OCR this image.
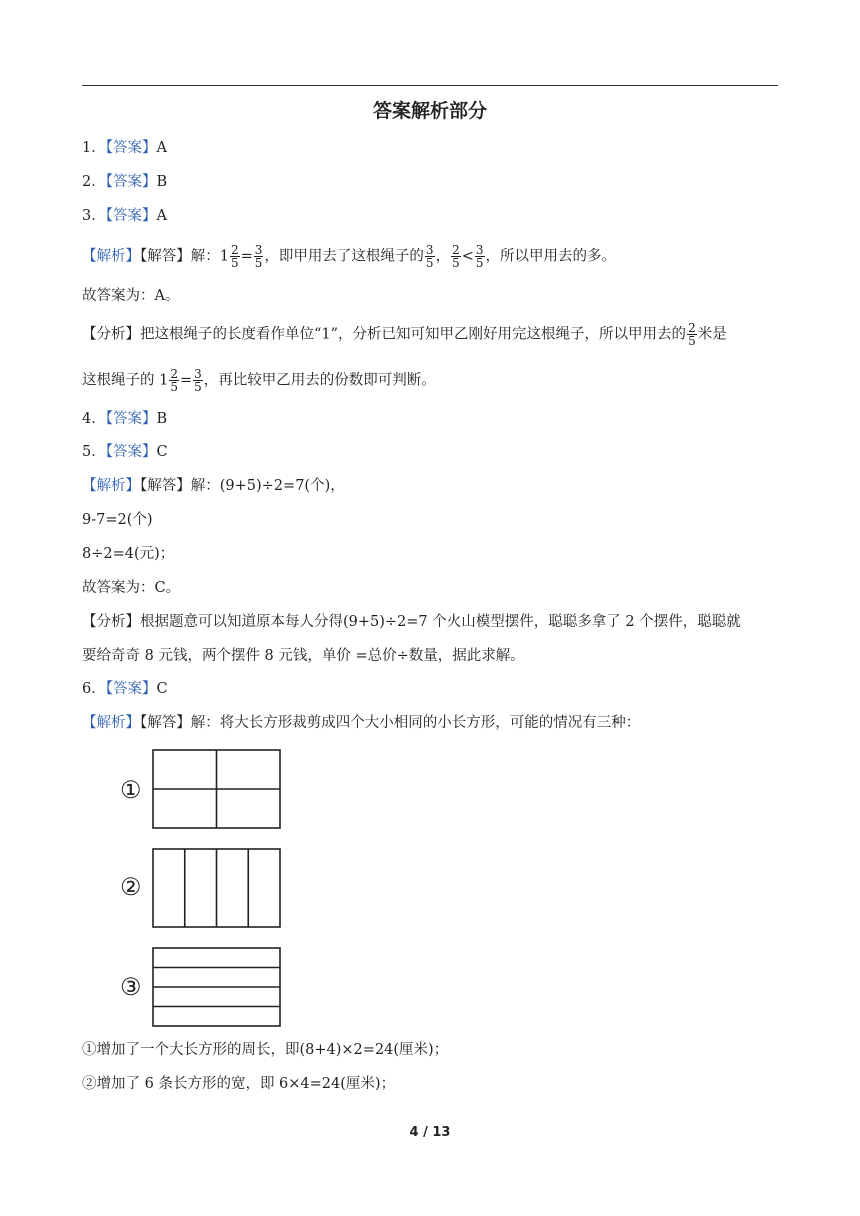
答案解析部分
1．【答案】A
2．【答案】B
3．【答案】A
【解析】【解答】解：$1 \frac{2}{5} = \frac{3}{5}$ ，即甲用去了这根绳子的 $\frac{3}{5}$ ， $\frac{2}{5} < \frac{3}{5}$ ，所以甲用去的多。
故答案为：A。
【分析】把这根绳子的长度看作单位“1”，分析已知可知甲乙刚好用完这根绳子，所以甲用去的 $\frac{2}{5}$ 米是
这根绳子的 $1 \frac{2}{5} = \frac{3}{5}$ ，再比较甲乙用去的份数即可判断。
4．【答案】B
5．【答案】C
【解析】【解答】解：(9+5)÷2=7(个)，
9-7=2(个)
8÷2=4(元)；
故答案为：C。
【分析】根据题意可以知道原本每人分得(9+5)÷2=7 个火山模型摆件，聪聪多拿了 2 个摆件，聪聪就
要给奇奇 8 元钱，两个摆件 8 元钱，单价 =总价÷数量，据此求解。
6．【答案】C
【解析】【解答】解：将大长方形裁剪成四个大小相同的小长方形，可能的情况有三种：
①
②
③
①增加了一个大长方形的周长，即(8+4)×2=24(厘米)；
②增加了 6 条长方形的宽，即 6×4=24(厘米)；
4 / 13
